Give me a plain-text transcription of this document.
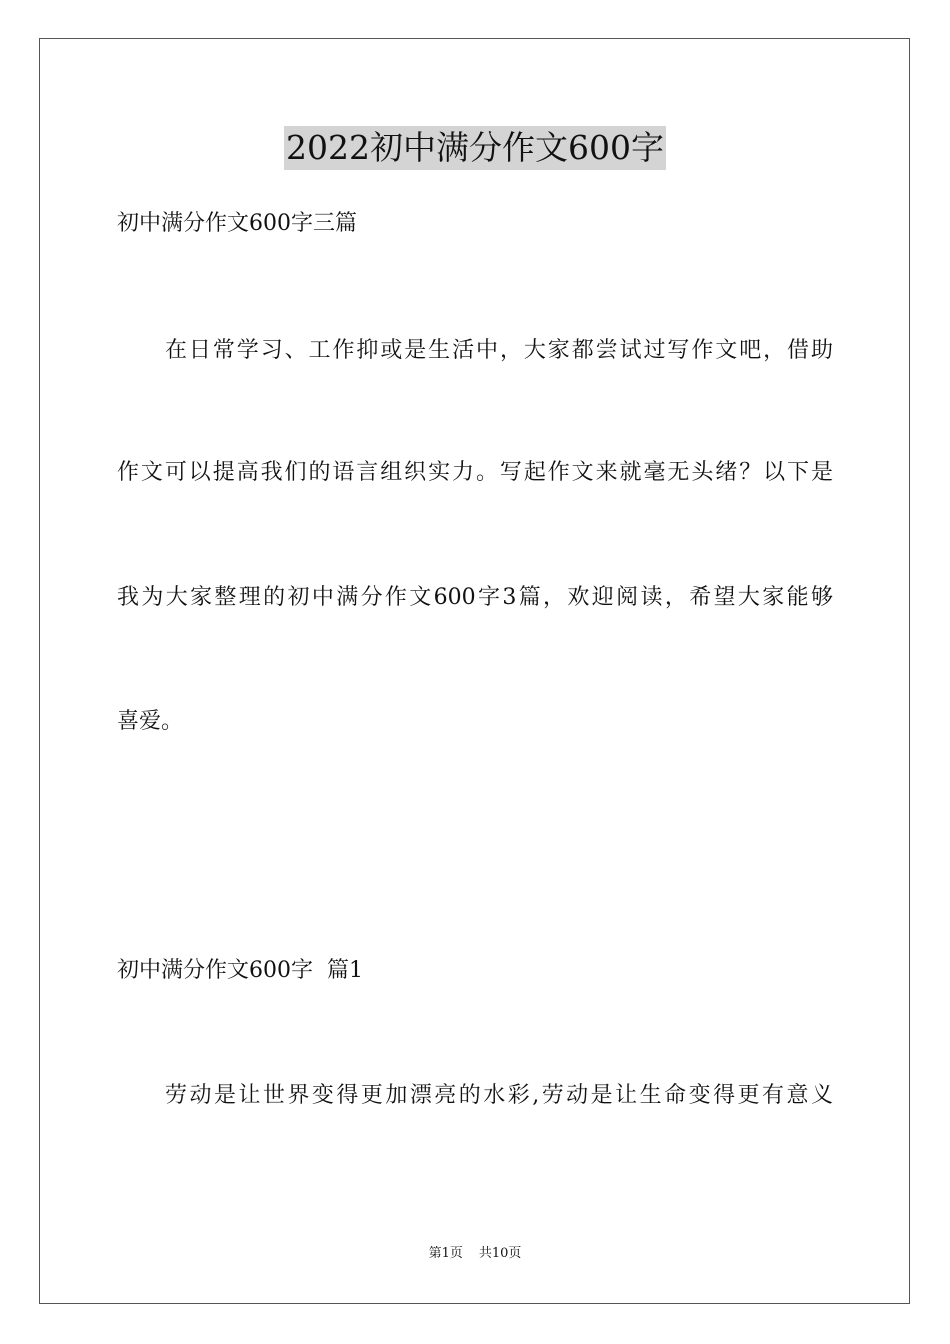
2022初中满分作文600字
初中满分作文600字三篇
在日常学习、工作抑或是生活中，大家都尝试过写作文吧，借助
作文可以提高我们的语言组织实力。写起作文来就毫无头绪？以下是
我为大家整理的初中满分作文600字3篇，欢迎阅读，希望大家能够
喜爱。
初中满分作文600字  篇1
劳动是让世界变得更加漂亮的水彩,劳动是让生命变得更有意义
第1页 共10页
